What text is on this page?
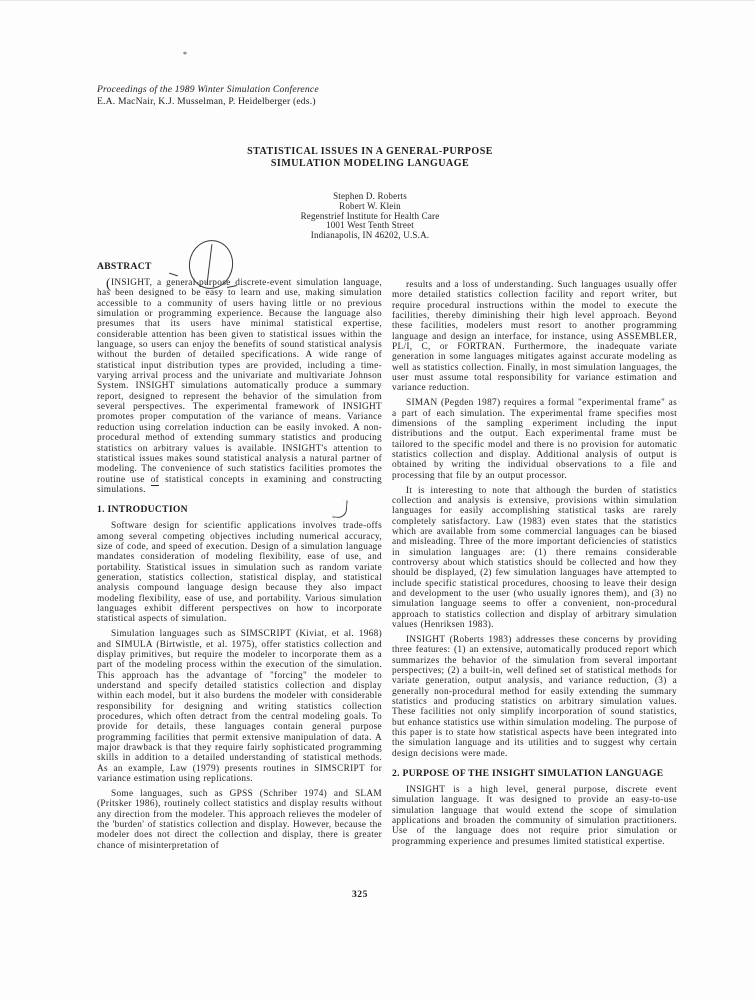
*
Proceedings of the 1989 Winter Simulation Conference
E.A. MacNair, K.J. Musselman, P. Heidelberger (eds.)
STATISTICAL ISSUES IN A GENERAL-PURPOSE
SIMULATION MODELING LANGUAGE
Stephen D. Roberts
Robert W. Klein
Regenstrief Institute for Health Care
1001 West Tenth Street
Indianapolis, IN 46202, U.S.A.
ABSTRACT

INSIGHT, a general-purpose discrete-event simulation language, has been designed to be easy to learn and use, making simulation accessible to a community of users having little or no previous simulation or programming experience. Because the language also presumes that its users have minimal statistical expertise, considerable attention has been given to statistical issues within the language, so users can enjoy the benefits of sound statistical analysis without the burden of detailed specifications. A wide range of statistical input distribution types are provided, including a time-varying arrival process and the univariate and multivariate Johnson System. INSIGHT simulations automatically produce a summary report, designed to represent the behavior of the simulation from several perspectives. The experimental framework of INSIGHT promotes proper computation of the variance of means. Variance reduction using correlation induction can be easily invoked. A non-procedural method of extending summary statistics and producing statistics on arbitrary values is available. INSIGHT's attention to statistical issues makes sound statistical analysis a natural partner of modeling. The convenience of such statistics facilities promotes the routine use of statistical concepts in examining and constructing simulations.

1. INTRODUCTION

Software design for scientific applications involves trade-offs among several competing objectives including numerical accuracy, size of code, and speed of execution. Design of a simulation language mandates consideration of modeling flexibility, ease of use, and portability. Statistical issues in simulation such as random variate generation, statistics collection, statistical display, and statistical analysis compound language design because they also impact modeling flexibility, ease of use, and portability. Various simulation languages exhibit different perspectives on how to incorporate statistical aspects of simulation.

Simulation languages such as SIMSCRIPT (Kiviat, et al. 1968) and SIMULA (Birtwistle, et al. 1975), offer statistics collection and display primitives, but require the modeler to incorporate them as a part of the modeling process within the execution of the simulation. This approach has the advantage of "forcing" the modeler to understand and specify detailed statistics collection and display within each model, but it also burdens the modeler with considerable responsibility for designing and writing statistics collection procedures, which often detract from the central modeling goals. To provide for details, these languages contain general purpose programming facilities that permit extensive manipulation of data. A major drawback is that they require fairly sophisticated programming skills in addition to a detailed understanding of statistical methods. As an example, Law (1979) presents routines in SIMSCRIPT for variance estimation using replications.

Some languages, such as GPSS (Schriber 1974) and SLAM (Pritsker 1986), routinely collect statistics and display results without any direction from the modeler. This approach relieves the modeler of the 'burden' of statistics collection and display. However, because the modeler does not direct the collection and display, there is greater chance of misinterpretation of

results and a loss of understanding. Such languages usually offer more detailed statistics collection facility and report writer, but require procedural instructions within the model to execute the facilities, thereby diminishing their high level approach. Beyond these facilities, modelers must resort to another programming language and design an interface, for instance, using ASSEMBLER, PL/I, C, or FORTRAN. Furthermore, the inadequate variate generation in some languages mitigates against accurate modeling as well as statistics collection. Finally, in most simulation languages, the user must assume total responsibility for variance estimation and variance reduction.

SIMAN (Pegden 1987) requires a formal "experimental frame" as a part of each simulation. The experimental frame specifies most dimensions of the sampling experiment including the input distributions and the output. Each experimental frame must be tailored to the specific model and there is no provision for automatic statistics collection and display. Additional analysis of output is obtained by writing the individual observations to a file and processing that file by an output processor.

It is interesting to note that although the burden of statistics collection and analysis is extensive, provisions within simulation languages for easily accomplishing statistical tasks are rarely completely satisfactory. Law (1983) even states that the statistics which are available from some commercial languages can be biased and misleading. Three of the more important deficiencies of statistics in simulation languages are: (1) there remains considerable controversy about which statistics should be collected and how they should be displayed, (2) few simulation languages have attempted to include specific statistical procedures, choosing to leave their design and development to the user (who usually ignores them), and (3) no simulation language seems to offer a convenient, non-procedural approach to statistics collection and display of arbitrary simulation values (Henriksen 1983).

INSIGHT (Roberts 1983) addresses these concerns by providing three features: (1) an extensive, automatically produced report which summarizes the behavior of the simulation from several important perspectives; (2) a built-in, well defined set of statistical methods for variate generation, output analysis, and variance reduction, (3) a generally non-procedural method for easily extending the summary statistics and producing statistics on arbitrary simulation values. These facilities not only simplify incorporation of sound statistics, but enhance statistics use within simulation modeling. The purpose of this paper is to state how statistical aspects have been integrated into the simulation language and its utilities and to suggest why certain design decisions were made.

2. PURPOSE OF THE INSIGHT SIMULATION LANGUAGE

INSIGHT is a high level, general purpose, discrete event simulation language. It was designed to provide an easy-to-use simulation language that would extend the scope of simulation applications and broaden the community of simulation practitioners. Use of the language does not require prior simulation or programming experience and presumes limited statistical expertise.

(
325
